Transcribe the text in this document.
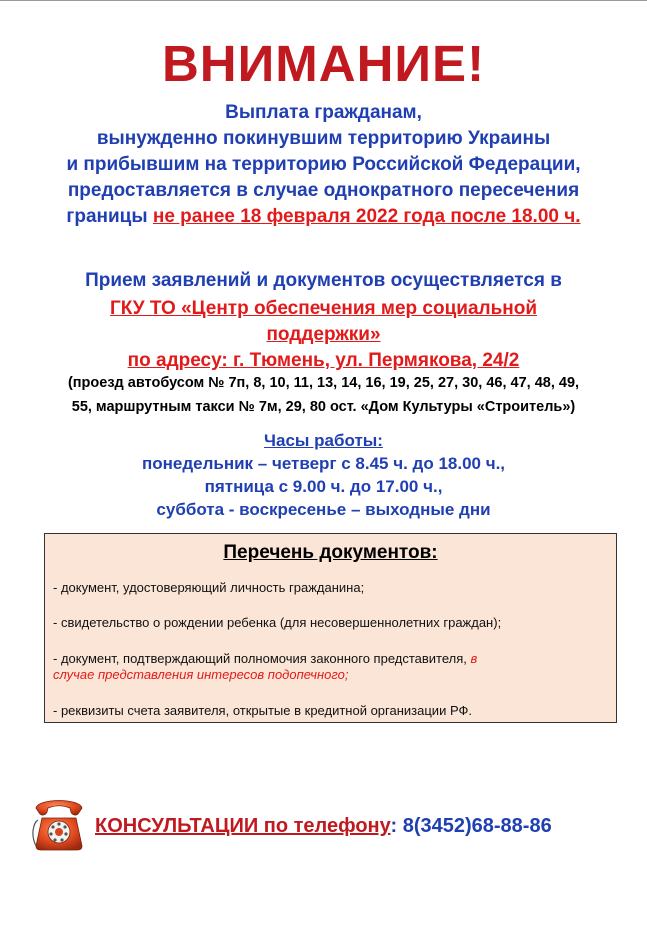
ВНИМАНИЕ!
Выплата гражданам,
вынужденно покинувшим территорию Украины
и прибывшим на территорию Российской Федерации,
предоставляется в случае однократного пересечения
границы не ранее 18 февраля 2022 года после 18.00 ч.
Прием заявлений и документов осуществляется в
ГКУ ТО «Центр обеспечения мер социальной
поддержки»
по адресу: г. Тюмень, ул. Пермякова, 24/2
(проезд автобусом № 7п, 8, 10, 11, 13, 14, 16, 19, 25, 27, 30, 46, 47, 48, 49,
55, маршрутным такси № 7м, 29, 80 ост. «Дом Культуры «Строитель»)
Часы работы:
понедельник – четверг с 8.45 ч. до 18.00 ч.,
пятница с 9.00 ч. до 17.00 ч.,
суббота - воскресенье – выходные дни
Перечень документов:
- документ, удостоверяющий личность гражданина;
- свидетельство о рождении ребенка (для несовершеннолетних граждан);
- документ, подтверждающий полномочия законного представителя, в
случае представления интересов подопечного;
- реквизиты счета заявителя, открытые в кредитной организации РФ.
КОНСУЛЬТАЦИИ по телефону: 8(3452)68-88-86
